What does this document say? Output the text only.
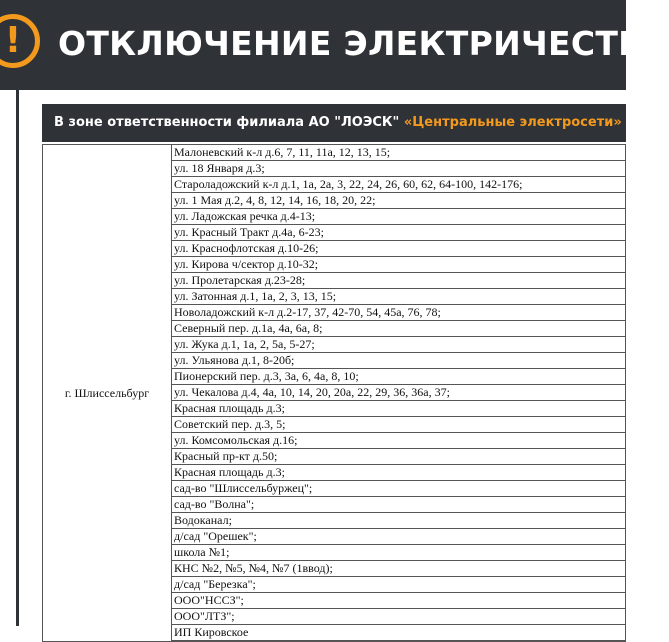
!	ОТКЛЮЧЕНИЕ ЭЛЕКТРИЧЕСТВА
В зоне ответственности филиала АО "ЛОЭСК" «Центральные электросети»
г. Шлиссельбург	
Малоневский к-л д.6, 7, 11, 11а, 12, 13, 15;
ул. 18 Января д.3;
Староладожский к-л д.1, 1а, 2а, 3, 22, 24, 26, 60, 62, 64-100, 142-176;
ул. 1 Мая д.2, 4, 8, 12, 14, 16, 18, 20, 22;
ул. Ладожская речка д.4-13;
ул. Красный Тракт д.4а, 6-23;
ул. Краснофлотская д.10-26;
ул. Кирова ч/сектор д.10-32;
ул. Пролетарская д.23-28;
ул. Затонная д.1, 1а, 2, 3, 13, 15;
Новоладожский к-л д.2-17, 37, 42-70, 54, 45а, 76, 78;
Северный пер. д.1а, 4а, 6а, 8;
ул. Жука д.1, 1а, 2, 5а, 5-27;
ул. Ульянова д.1, 8-20б;
Пионерский пер. д.3, 3а, 6, 4а, 8, 10;
ул. Чекалова д.4, 4а, 10, 14, 20, 20а, 22, 29, 36, 36а, 37;
Красная площадь д.3;
Советский пер. д.3, 5;
ул. Комсомольская д.16;
Красный пр-кт д.50;
Красная площадь д.3;
сад-во "Шлиссельбуржец";
сад-во "Волна";
Водоканал;
д/сад "Орешек";
школа №1;
КНС №2, №5, №4, №7 (1ввод);
д/сад "Березка";
ООО"НССЗ";
ООО"ЛТЗ";
ИП Кировское
